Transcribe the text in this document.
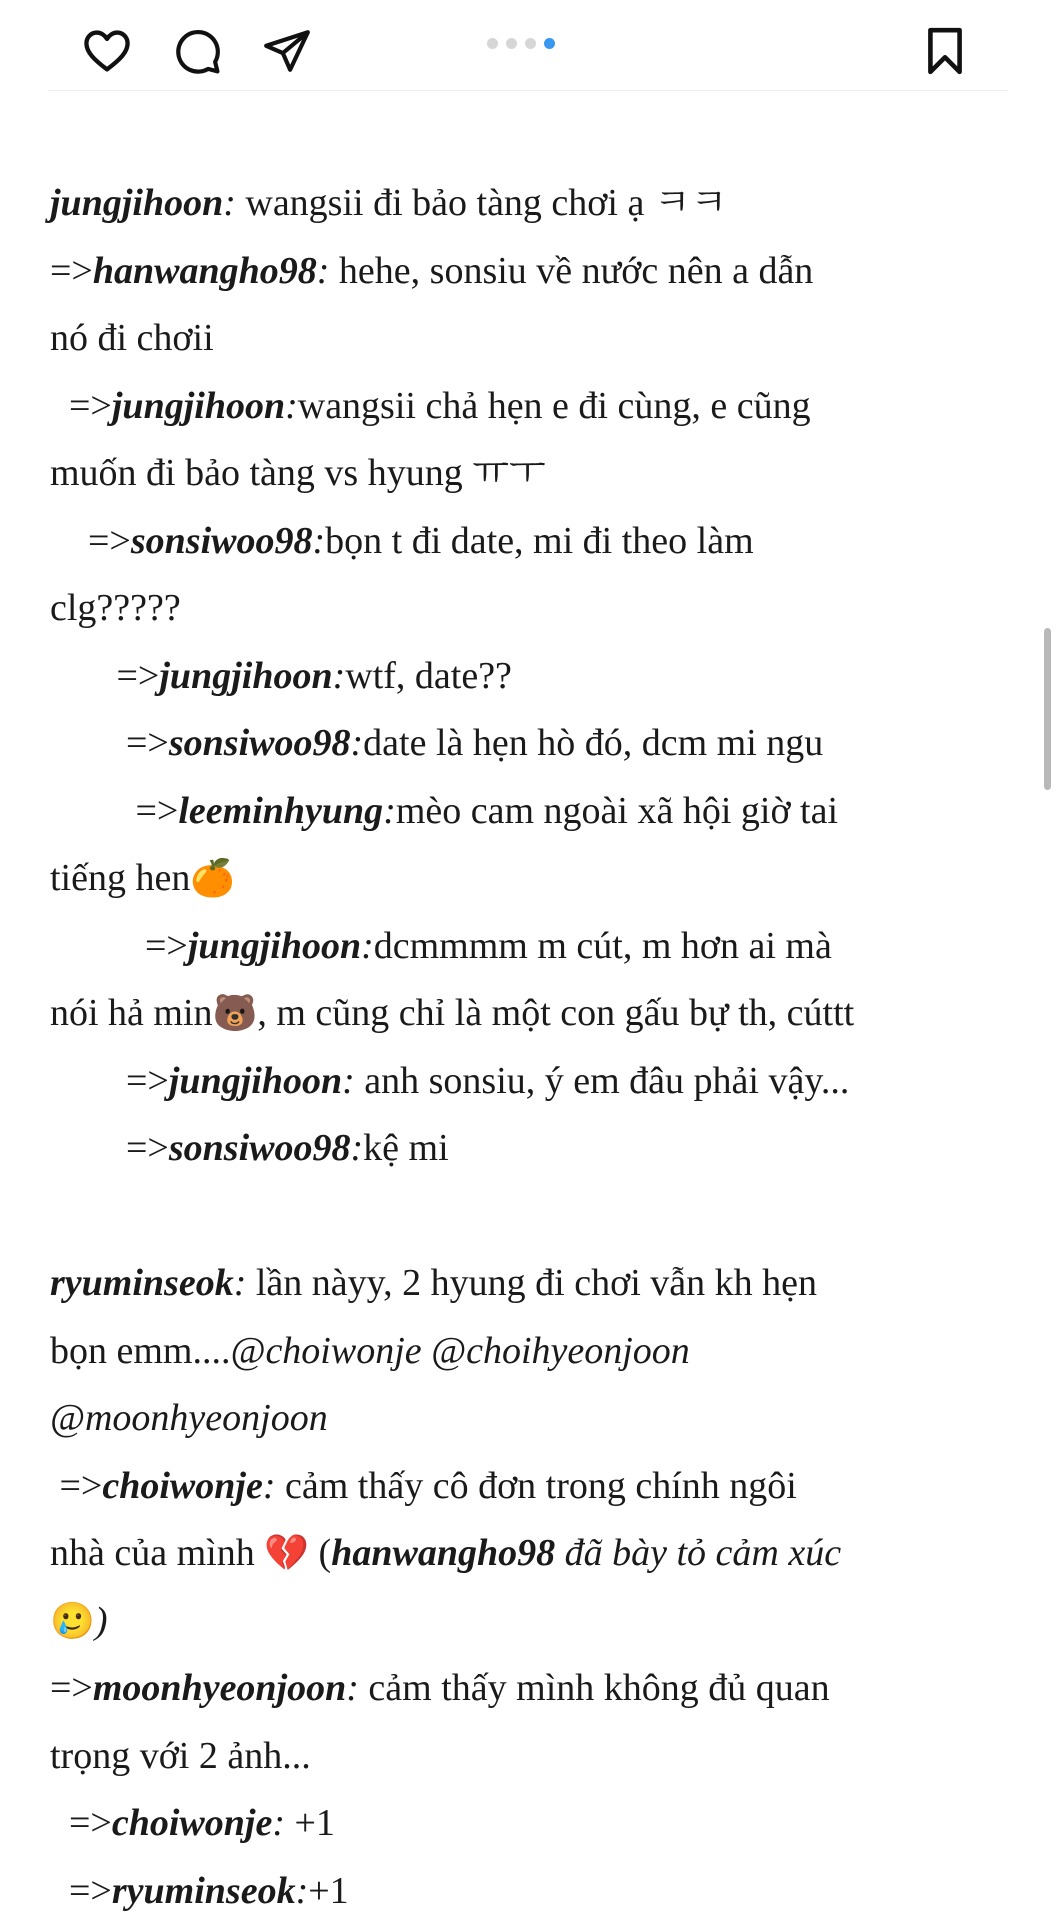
jungjihoon: wangsii đi bảo tàng chơi ạ ㅋㅋ
=>hanwangho98: hehe, sonsiu về nước nên a dẫn
nó đi chơii
=>jungjihoon:wangsii chả hẹn e đi cùng, e cũng
muốn đi bảo tàng vs hyung ㅠㅜ
=>sonsiwoo98:bọn t đi date, mi đi theo làm
clg?????
=>jungjihoon:wtf, date??
=>sonsiwoo98:date là hẹn hò đó, dcm mi ngu
=>leeminhyung:mèo cam ngoài xã hội giờ tai
tiếng hen🍊
=>jungjihoon:dcmmmm m cút, m hơn ai mà
nói hả min🐻, m cũng chỉ là một con gấu bự th, cúttt
=>jungjihoon: anh sonsiu, ý em đâu phải vậy...
=>sonsiwoo98:kệ mi
ryuminseok: lần nàyy, 2 hyung đi chơi vẫn kh hẹn
bọn emm....@choiwonje @choihyeonjoon
@moonhyeonjoon
=>choiwonje: cảm thấy cô đơn trong chính ngôi
nhà của mình 💔 (hanwangho98 đã bày tỏ cảm xúc
🥲)
=>moonhyeonjoon: cảm thấy mình không đủ quan
trọng với 2 ảnh...
=>choiwonje: +1
=>ryuminseok:+1
